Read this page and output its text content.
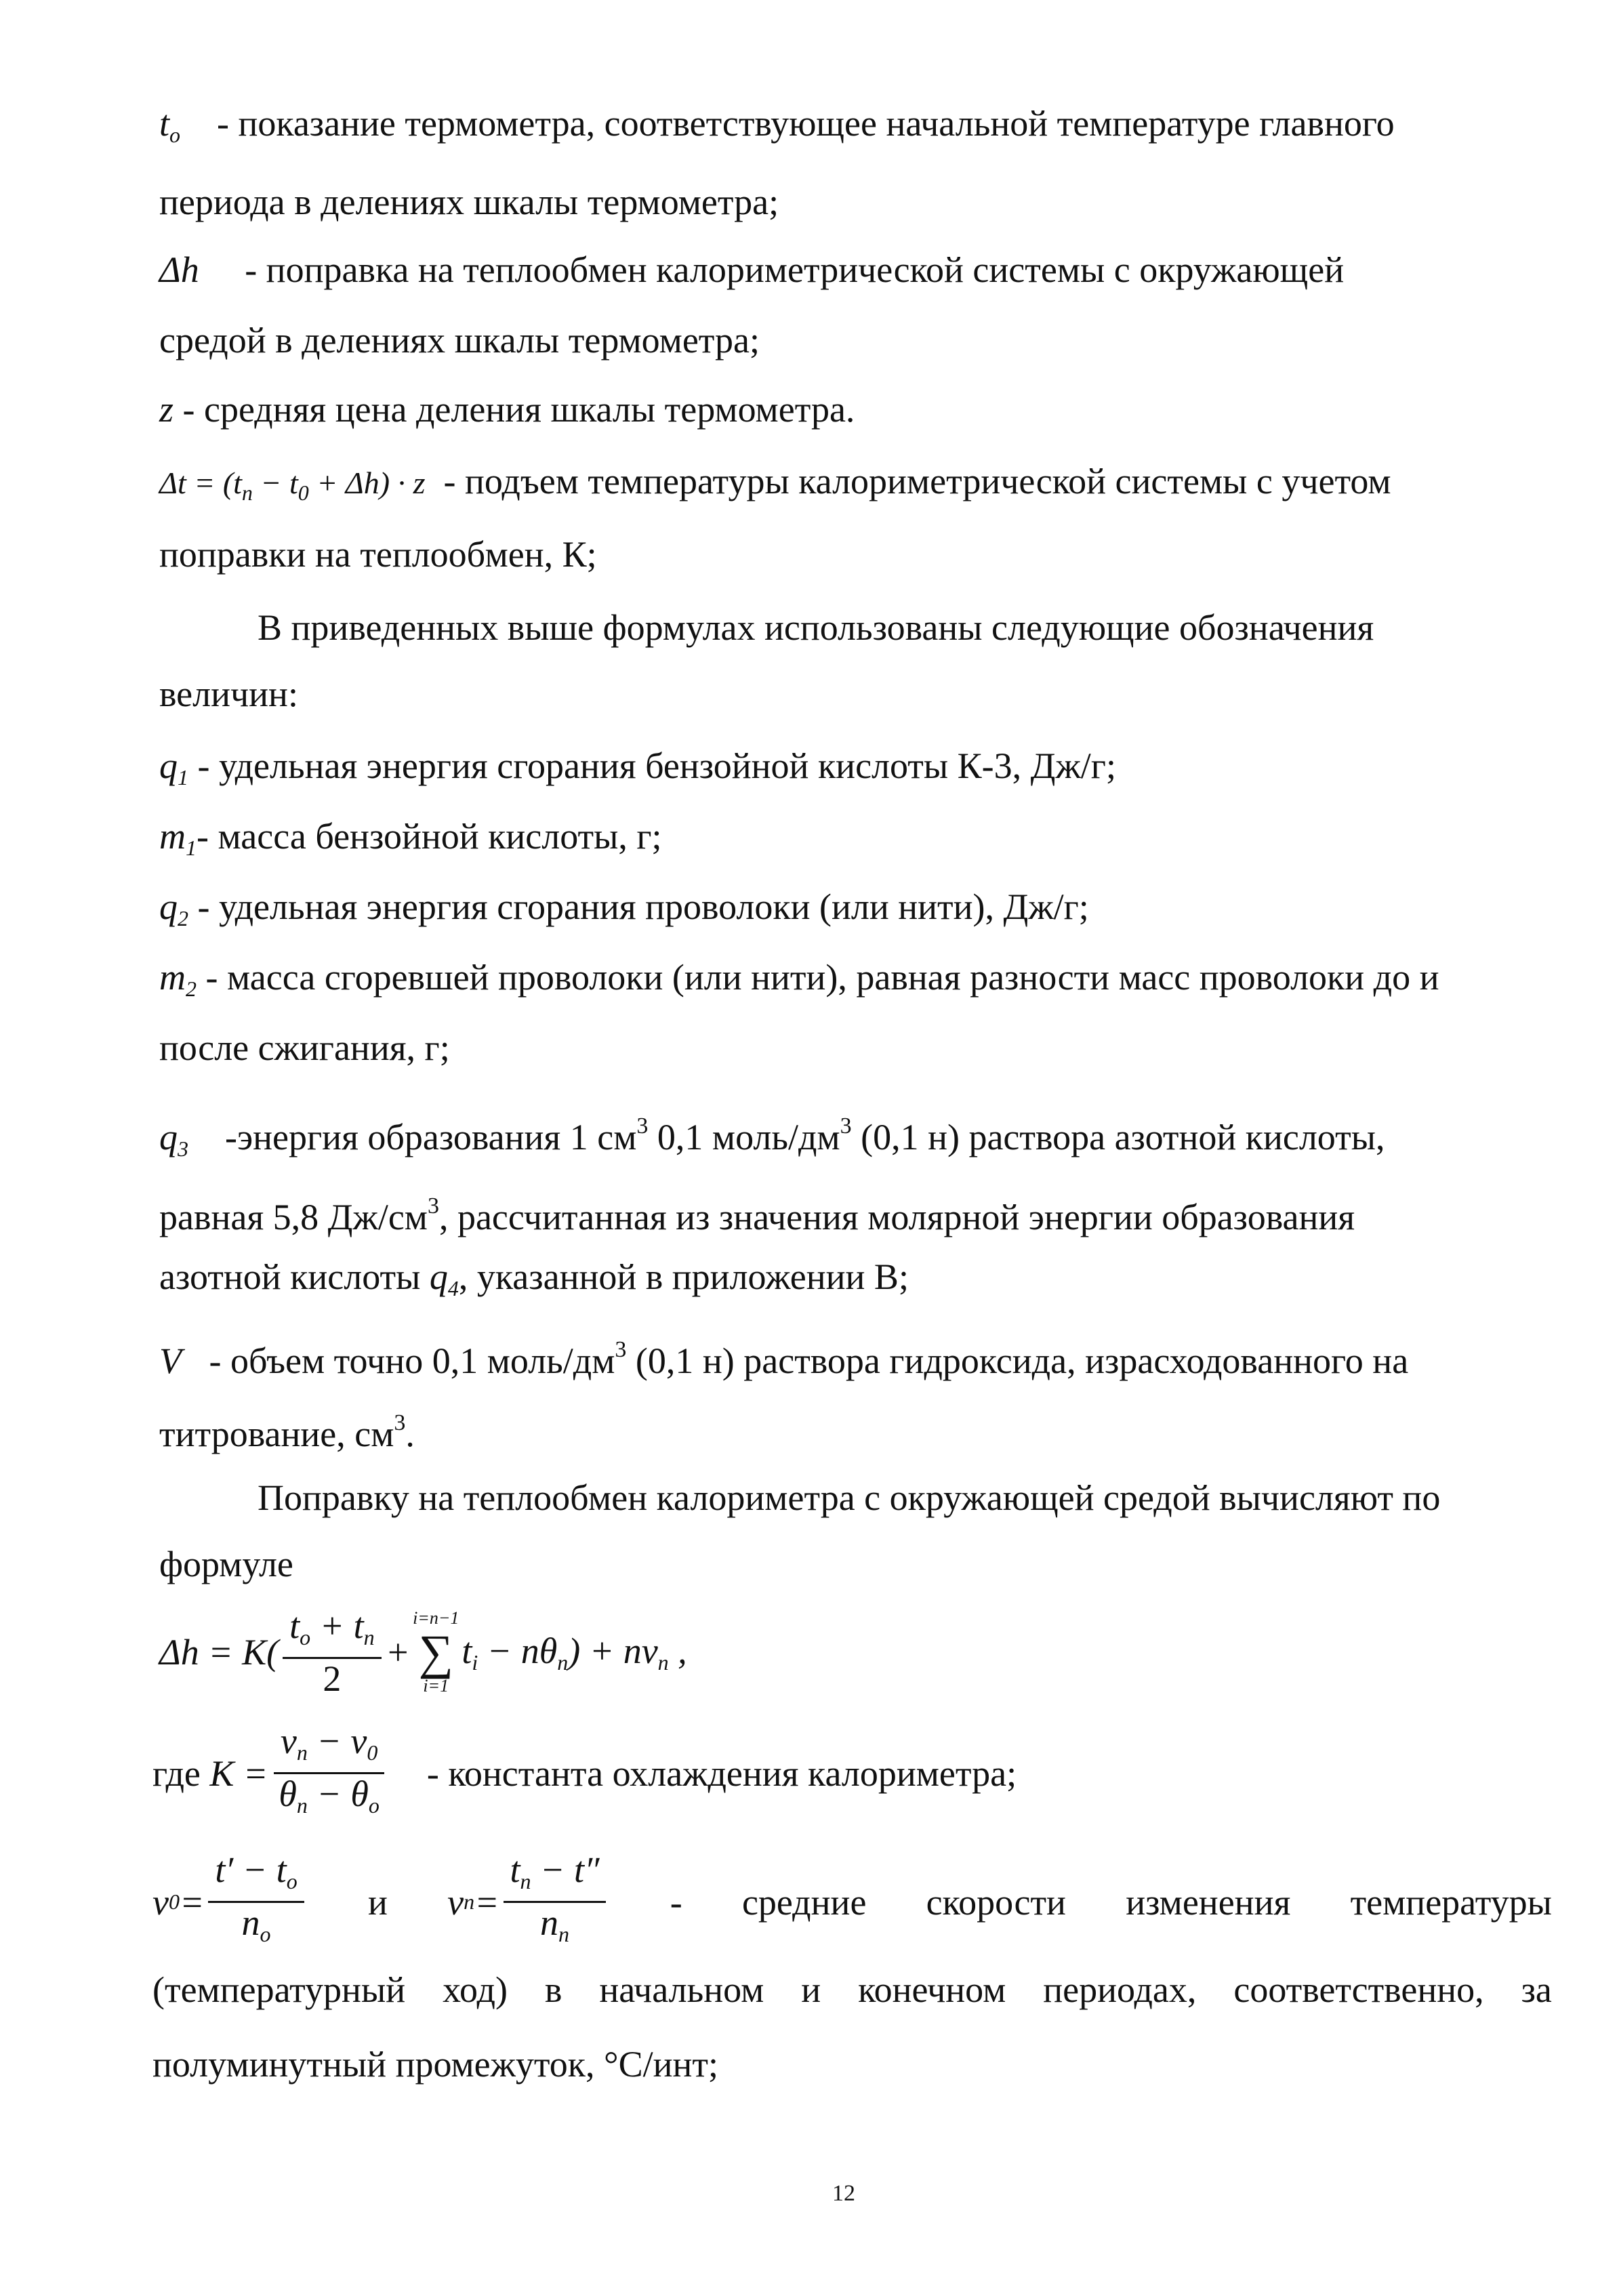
$t_o$ - показание термометра, соответствующее начальной температуре главного
периода в делениях шкалы термометра;
Δh - поправка на теплообмен калориметрической системы с окружающей
средой в делениях шкалы термометра;
z - средняя цена деления шкалы термометра.
$\Delta t = (t_n - t_0 + \Delta h) \cdot z$ - подъем температуры калориметрической системы с учетом
поправки на теплообмен, К;
В приведенных выше формулах использованы следующие обозначения
величин:
$q_1$ - удельная энергия сгорания бензойной кислоты К-3, Дж/г;
$m_1-$ масса бензойной кислоты, г;
$q_2$ - удельная энергия сгорания проволоки (или нити), Дж/г;
$m_2$ - масса сгоревшей проволоки (или нити), равная разности масс проволоки до и
после сжигания, г;
$q_3$ -энергия образования 1 $см^3$ 0,1 моль/$дм^3$ (0,1 н) раствора азотной кислоты,
равная 5,8 $Дж/см^3$, рассчитанная из значения молярной энергии образования
азотной кислоты $q_4$, указанной в приложении В;
V - объем точно 0,1 моль/$дм^3$ (0,1 н) раствора гидроксида, израсходованного на
титрование, $см^3$.
Поправку на теплообмен калориметра с окружающей средой вычисляют по
формуле
$\Delta h = K( \frac{t_o + t_n}{2}$ +
i=n−1
∑
i=1
$t_i - n\theta_n) + nv_n$ ,
где
$K = \frac{v_n - v_0}{\theta_n - \theta_o}$
- константа охлаждения калориметра;
v $0 = \frac{t' - t_o}{n_o}$ и v $n = \frac{t_n - t''}{n_n}$ - средние скорости изменения температуры
(температурный ход) в начальном и конечном периодах, соответственно, за
полуминутный промежуток, °С/инт;
12
